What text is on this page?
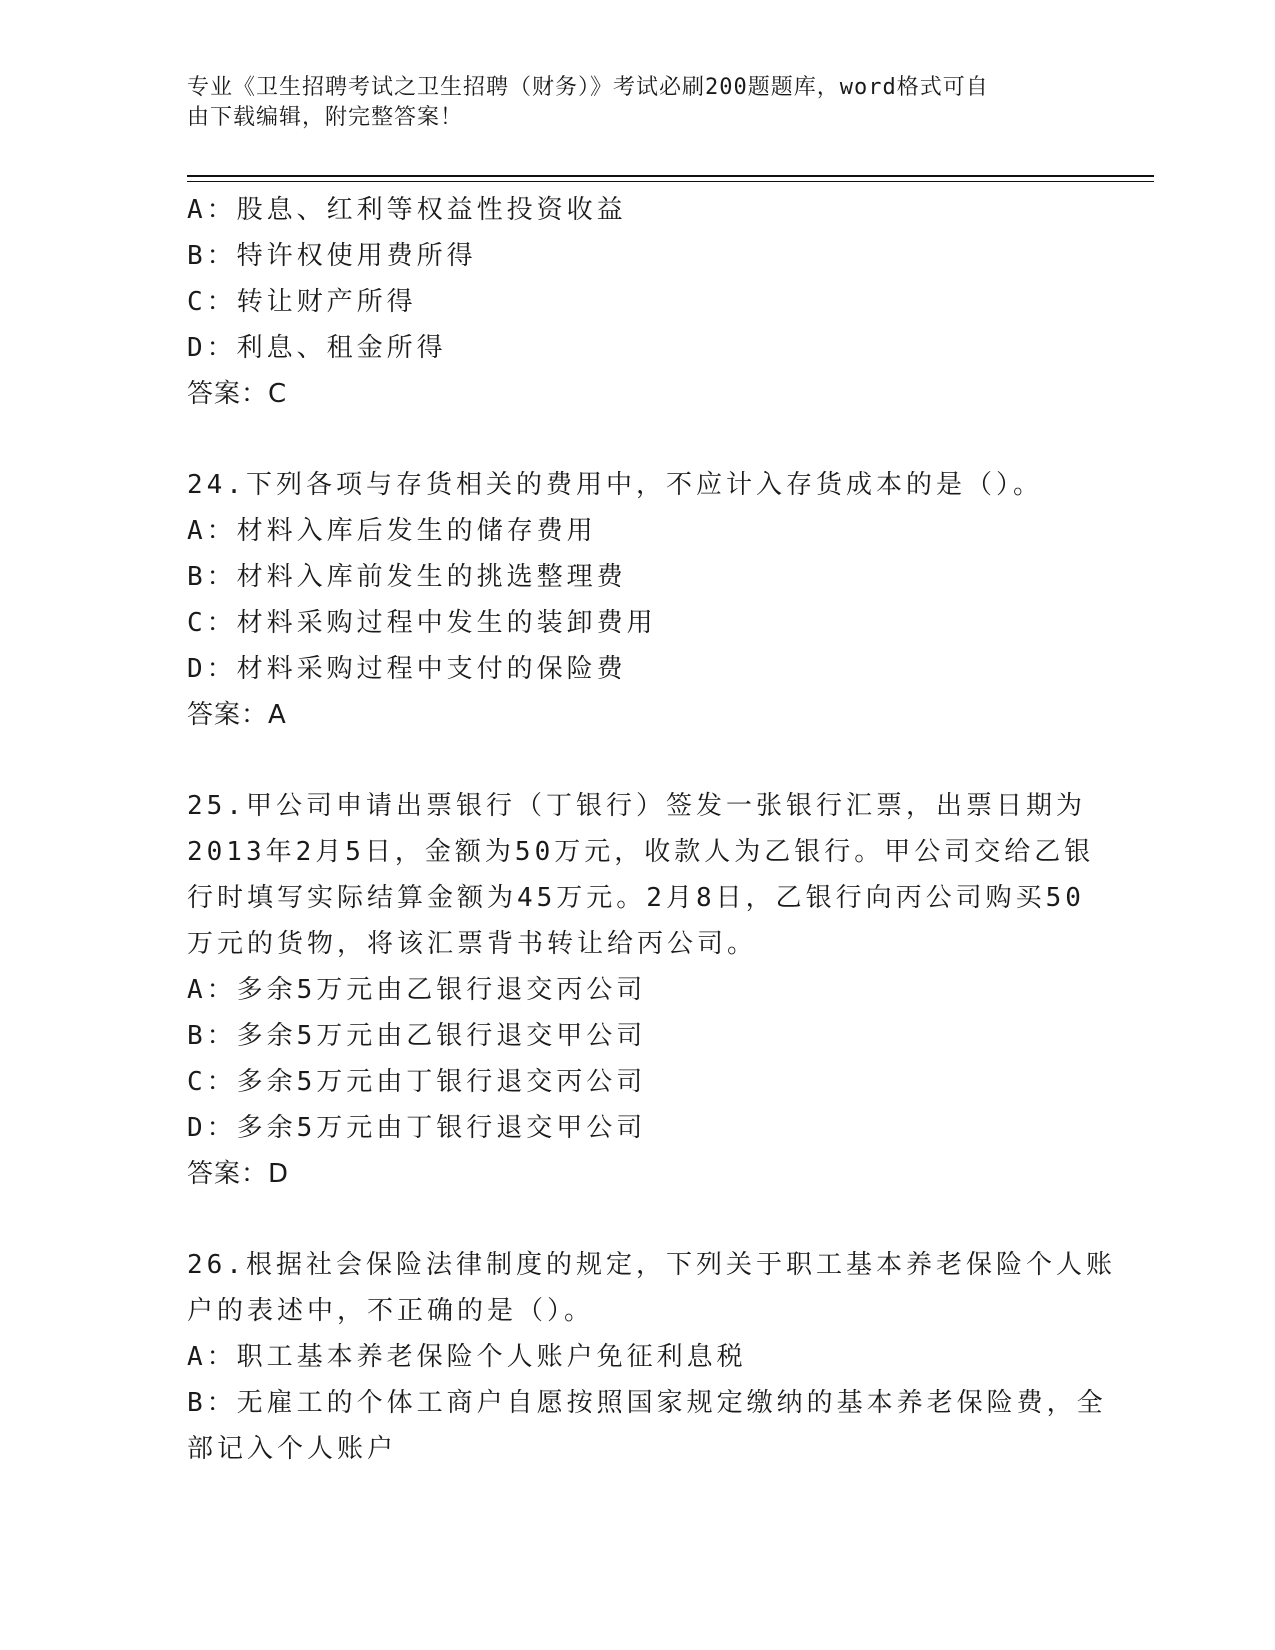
专业《卫生招聘考试之卫生招聘（财务）》考试必刷200题题库，word格式可自
由下载编辑，附完整答案！
A：股息、红利等权益性投资收益
B：特许权使用费所得
C：转让财产所得
D：利息、租金所得
答案：C
24.下列各项与存货相关的费用中，不应计入存货成本的是（）。
A：材料入库后发生的储存费用
B：材料入库前发生的挑选整理费
C：材料采购过程中发生的装卸费用
D：材料采购过程中支付的保险费
答案：A
25.甲公司申请出票银行（丁银行）签发一张银行汇票，出票日期为
2013年2月5日，金额为50万元，收款人为乙银行。甲公司交给乙银
行时填写实际结算金额为45万元。2月8日，乙银行向丙公司购买50
万元的货物，将该汇票背书转让给丙公司。
A：多余5万元由乙银行退交丙公司
B：多余5万元由乙银行退交甲公司
C：多余5万元由丁银行退交丙公司
D：多余5万元由丁银行退交甲公司
答案：D
26.根据社会保险法律制度的规定，下列关于职工基本养老保险个人账
户的表述中，不正确的是（）。
A：职工基本养老保险个人账户免征利息税
B：无雇工的个体工商户自愿按照国家规定缴纳的基本养老保险费，全
部记入个人账户
